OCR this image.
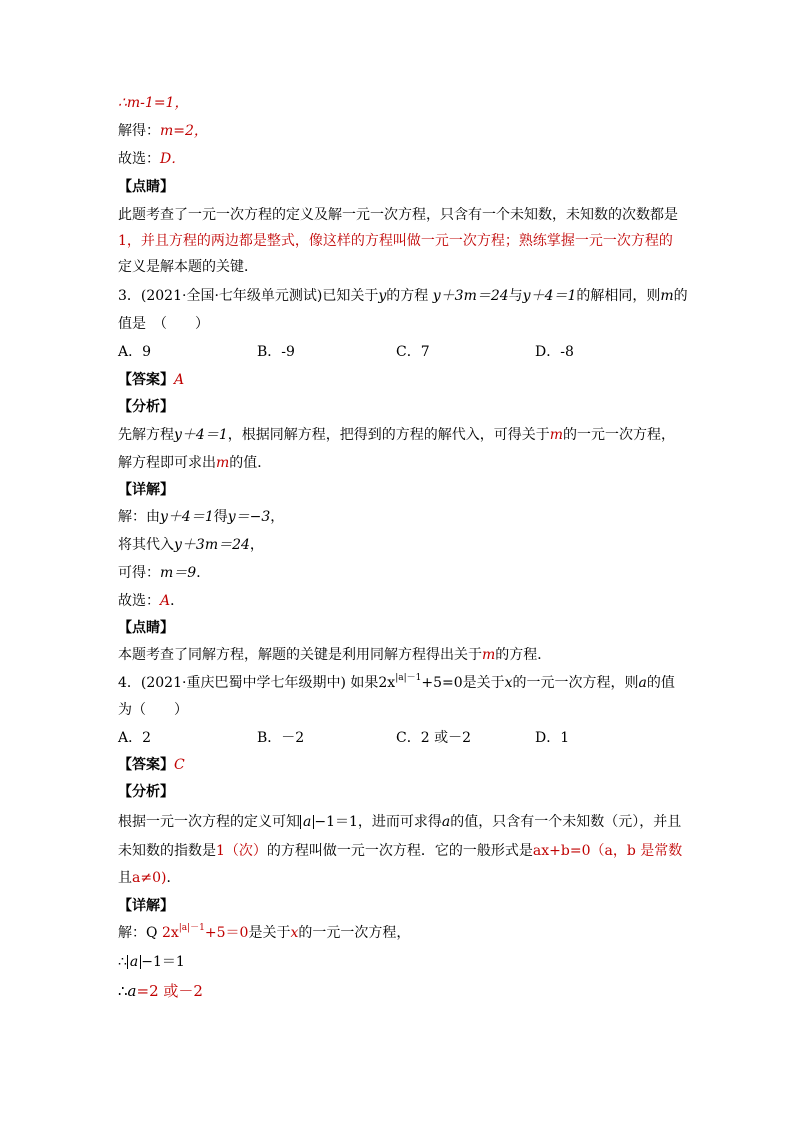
∴m-1=1，
解得：m=2，
故选：D．
【点睛】
此题考查了一元一次方程的定义及解一元一次方程，只含有一个未知数，未知数的次数都是
1，并且方程的两边都是整式，像这样的方程叫做一元一次方程；熟练掌握一元一次方程的
定义是解本题的关键．
3．(2021·全国·七年级单元测试)已知关于y的方程 y＋3m＝24与y＋4＝1的解相同，则m的
值是　（　　）
A．9	B．-9	C．7	D．-8
【答案】A
【分析】
先解方程y＋4＝1，根据同解方程，把得到的方程的解代入，可得关于m的一元一次方程，
解方程即可求出m的值．
【详解】
解：由y＋4＝1得y＝−3，
将其代入y＋3m＝24，
可得：m＝9．
故选：A．
【点睛】
本题考查了同解方程，解题的关键是利用同解方程得出关于m的方程．
4．(2021·重庆巴蜀中学七年级期中) 如果$2x^{|a|-1}+5=0$是关于x的一元一次方程，则a的值
为（　　）
A．2	B．－2	C．2 或－2	D．1
【答案】C
【分析】
根据一元一次方程的定义可知 a −1＝1，进而可求得a的值，只含有一个未知数（元），并且
未知数的指数是1（次）的方程叫做一元一次方程．它的一般形式是ax+b=0（a，b 是常数
且a≠0)．
【详解】
解：Q $2x^{|a|-1}+5=0$是关于x的一元一次方程，
∴ a −1＝1
∴a=2 或－2
